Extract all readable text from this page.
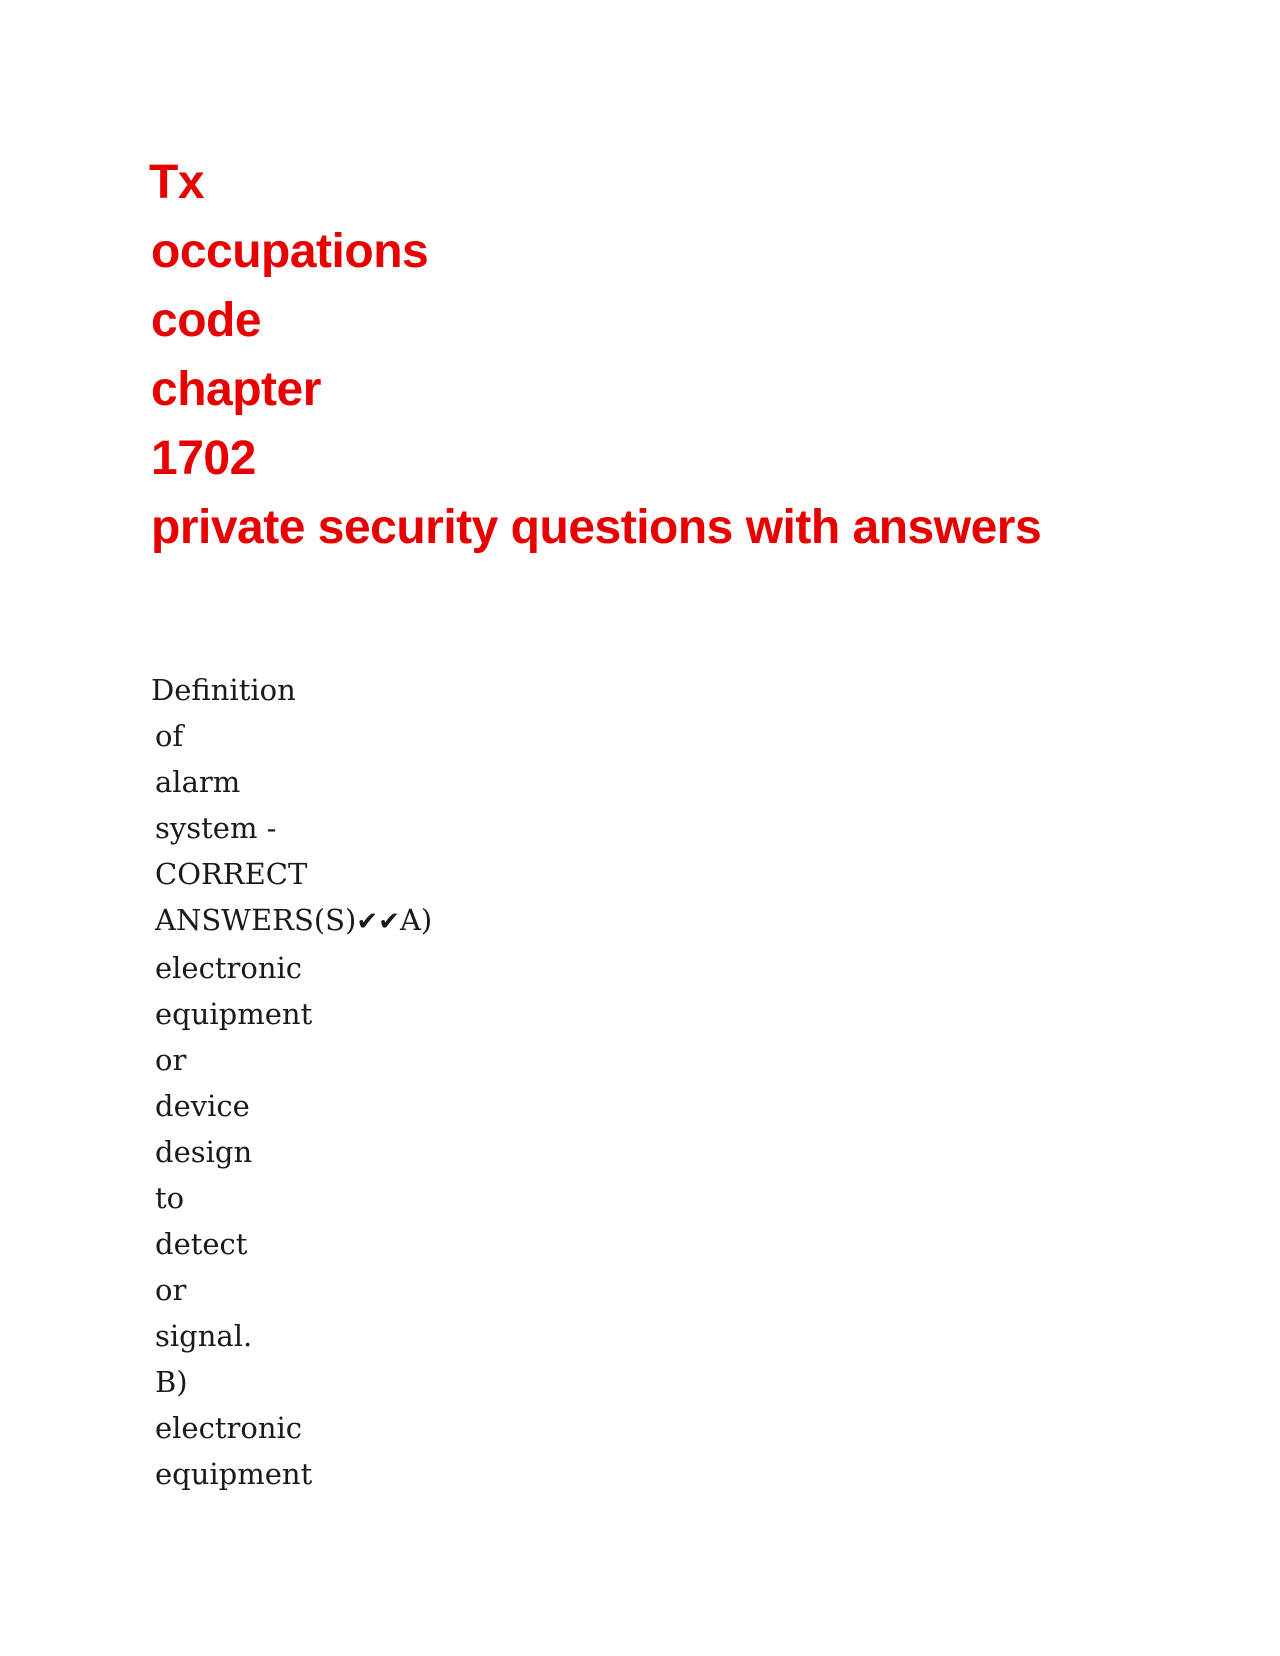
Tx
occupations
code
chapter
1702
private security questions with answers
Definition
of
alarm
system -
CORRECT
ANSWERS(S)✔✔A)
electronic
equipment
or
device
design
to
detect
or
signal.
B)
electronic
equipment
